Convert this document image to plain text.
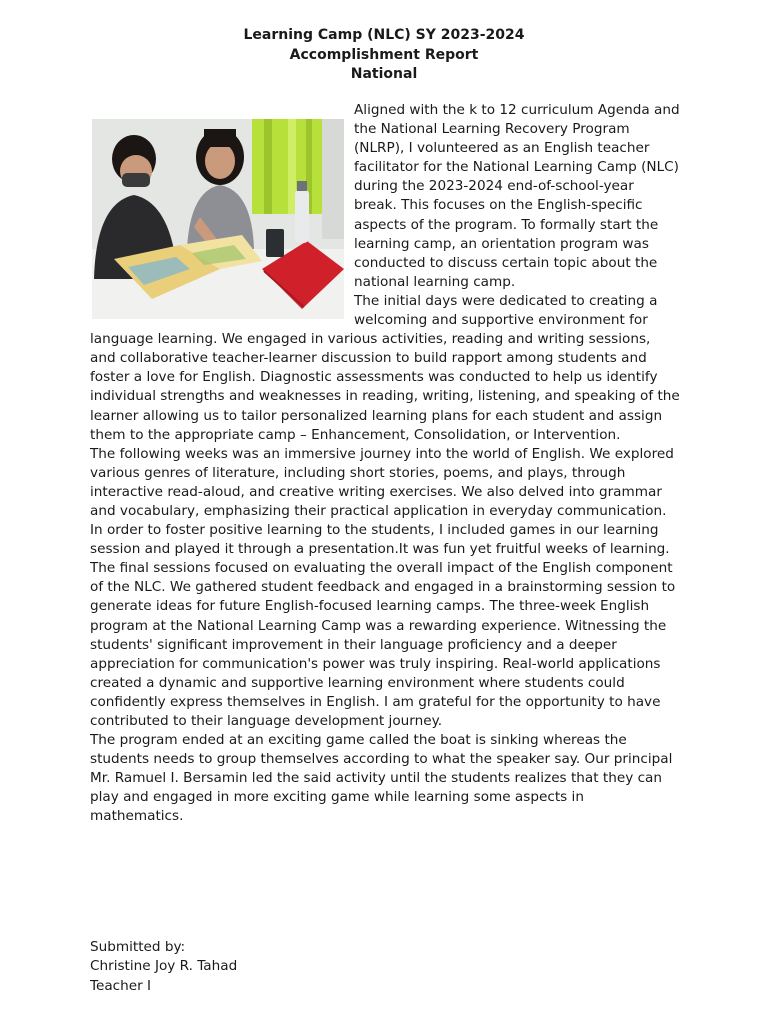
Learning Camp (NLC) SY 2023-2024
Accomplishment Report
National

Aligned with the k to 12 curriculum Agenda and the National Learning Recovery Program (NLRP), I volunteered as an English teacher facilitator for the National Learning Camp (NLC) during the 2023-2024 end-of-school-year break. This focuses on the English-specific aspects of the program. To formally start the learning camp, an orientation program was conducted to discuss certain topic about the national learning camp.

The initial days were dedicated to creating a welcoming and supportive environment for language learning. We engaged in various activities, reading and writing sessions, and collaborative teacher-learner discussion to build rapport among students and foster a love for English. Diagnostic assessments was conducted to help us identify individual strengths and weaknesses in reading, writing, listening, and speaking of the learner allowing us to tailor personalized learning plans for each student and assign them to the appropriate camp – Enhancement, Consolidation, or Intervention.

The following weeks was an immersive journey into the world of English. We explored various genres of literature, including short stories, poems, and plays, through interactive read-aloud, and creative writing exercises. We also delved into grammar and vocabulary, emphasizing their practical application in everyday communication. In order to foster positive learning to the students, I included games in our learning session and played it through a presentation.It was fun yet fruitful weeks of learning.

The final sessions focused on evaluating the overall impact of the English component of the NLC. We gathered student feedback and engaged in a brainstorming session to generate ideas for future English-focused learning camps. The three-week English program at the National Learning Camp was a rewarding experience. Witnessing the students' significant improvement in their language proficiency and a deeper appreciation for communication's power was truly inspiring. Real-world applications created a dynamic and supportive learning environment where students could confidently express themselves in English. I am grateful for the opportunity to have contributed to their language development journey.

The program ended at an exciting game called the boat is sinking whereas the students needs to group themselves according to what the speaker say. Our principal Mr. Ramuel I. Bersamin led the said activity until the students realizes that they can play and engaged in more exciting game while learning some aspects in mathematics.

Submitted by:
Christine Joy R. Tahad
Teacher I
